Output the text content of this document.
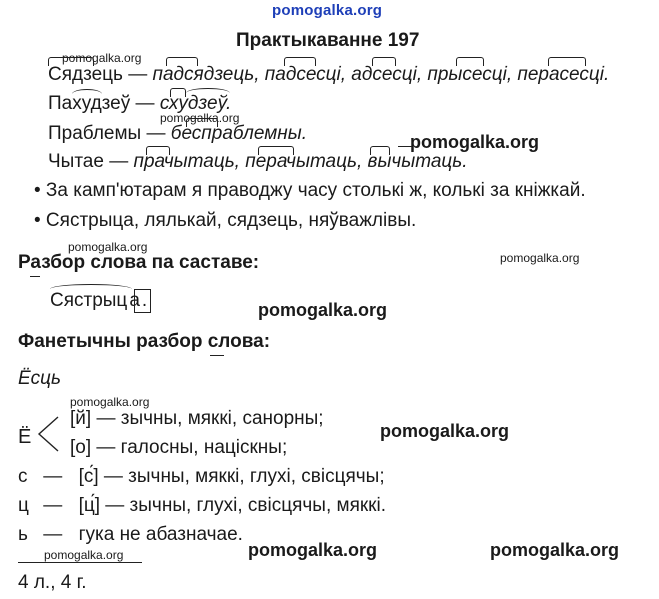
pomogalka.org
Практыкаванне 197
pomogalka.org
Сядзець — падсядзець, падсесці, адсесці, прысесці, перасесці.
Пахудзеў — схудзеў.
pomogalka.org
Праблемы — беспраблемны.	pomogalka.org
Чытае — прачытаць, перачытаць, вычытаць.
• За камп'ютарам я праводжу часу столькі ж, колькі за кніжкай.
• Сястрыца, лялькай, сядзець, няўважлівы.
pomogalka.org
Разбор слова па саставе:	pomogalka.org
Сястрыц а .	pomogalka.org
Фанетычны разбор слова:
Ёсць
pomogalka.org
Ё
[й] — зычны, мяккі, санорны;
[о] — галосны, націскны;
pomogalka.org
с — [с́] — зычны, мяккі, глухі, свісцячы;
ц — [ц́] — зычны, глухі, свісцячы, мяккі.
ь — гука не абазначае.
pomogalka.org	pomogalka.org
pomogalka.org
4 л., 4 г.
